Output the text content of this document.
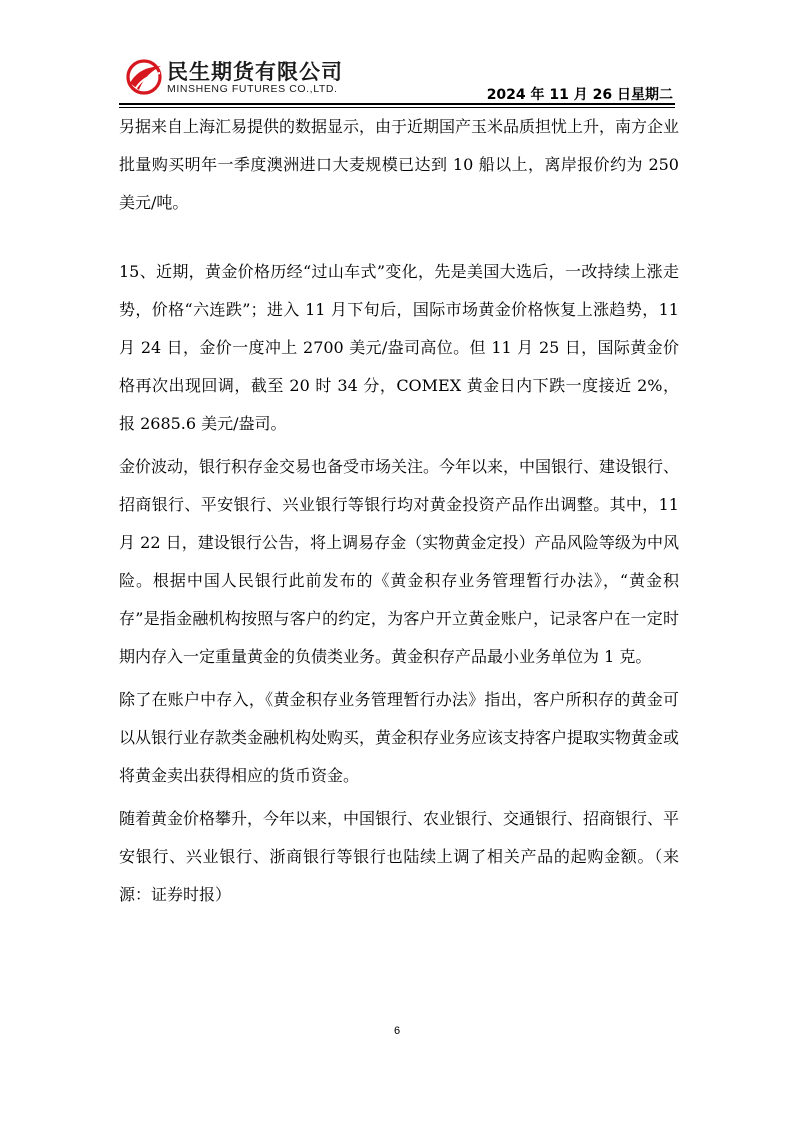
民生期货有限公司
MINSHENG FUTURES CO.,LTD.	2024 年 11 月 26 日星期二

另据来自上海汇易提供的数据显示，由于近期国产玉米品质担忧上升，南方企业批量购买明年一季度澳洲进口大麦规模已达到 10 船以上，离岸报价约为 250 美元/吨。

15、近期，黄金价格历经“过山车式”变化，先是美国大选后，一改持续上涨走势，价格“六连跌”；进入 11 月下旬后，国际市场黄金价格恢复上涨趋势，11 月 24 日，金价一度冲上 2700 美元/盎司高位。但 11 月 25 日，国际黄金价格再次出现回调，截至 20 时 34 分，COMEX 黄金日内下跌一度接近 2%，报 2685.6 美元/盎司。

金价波动，银行积存金交易也备受市场关注。今年以来，中国银行、建设银行、招商银行、平安银行、兴业银行等银行均对黄金投资产品作出调整。其中，11 月 22 日，建设银行公告，将上调易存金（实物黄金定投）产品风险等级为中风险。根据中国人民银行此前发布的《黄金积存业务管理暂行办法》，“黄金积存”是指金融机构按照与客户的约定，为客户开立黄金账户，记录客户在一定时期内存入一定重量黄金的负债类业务。黄金积存产品最小业务单位为 1 克。

除了在账户中存入，《黄金积存业务管理暂行办法》指出，客户所积存的黄金可以从银行业存款类金融机构处购买，黄金积存业务应该支持客户提取实物黄金或将黄金卖出获得相应的货币资金。

随着黄金价格攀升，今年以来，中国银行、农业银行、交通银行、招商银行、平安银行、兴业银行、浙商银行等银行也陆续上调了相关产品的起购金额。（来源：证券时报）

6
